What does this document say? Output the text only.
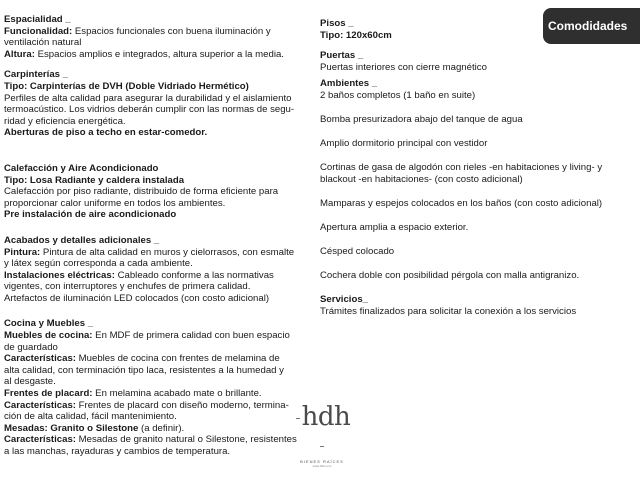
Comodidades

Espacialidad _

Funcionalidad: Espacios funcionales con buena iluminación y

ventilación natural

Altura: Espacios amplios e integrados, altura superior a la media.

Carpinterías _

Tipo: Carpinterías de DVH (Doble Vidriado Hermético)

Perfiles de alta calidad para asegurar la durabilidad y el aislamiento

termoacústico. Los vidrios deberán cumplir con las normas de segu-

ridad y eficiencia energética.

Aberturas de piso a techo en estar-comedor.

Calefacción y Aire Acondicionado

Tipo: Losa Radiante y caldera instalada

Calefacción por piso radiante, distribuido de forma eficiente para

proporcionar calor uniforme en todos los ambientes.

Pre instalación de aire acondicionado

Acabados y detalles adicionales _

Pintura: Pintura de alta calidad en muros y cielorrasos, con esmalte

y látex según corresponda a cada ambiente.

Instalaciones eléctricas: Cableado conforme a las normativas

vigentes, con interruptores y enchufes de primera calidad.

Artefactos de iluminación LED colocados (con costo adicional)

Cocina y Muebles _

Muebles de cocina: En MDF de primera calidad con buen espacio

de guardado

Características: Muebles de cocina con frentes de melamina de

alta calidad, con terminación tipo laca, resistentes a la humedad y

al desgaste.

Frentes de placard: En melamina acabado mate o brillante.

Características: Frentes de placard con diseño moderno, termina-

ción de alta calidad, fácil mantenimiento.

Mesadas: Granito o Silestone (a definir).

Características: Mesadas de granito natural o Silestone, resistentes

a las manchas, rayaduras y cambios de temperatura.

Pisos _

Tipo: 120x60cm

Puertas _

Puertas interiores con cierre magnético

Ambientes _

2 baños completos (1 baño en suite)

Bomba presurizadora abajo del tanque de agua

Amplio dormitorio principal con vestidor

Cortinas de gasa de algodón con rieles -en habitaciones y living- y

blackout -en habitaciones- (con costo adicional)

Mamparas y espejos colocados en los baños (con costo adicional)

Apertura amplia a espacio exterior.

Césped colocado

Cochera doble con posibilidad pérgola con malla antigranizo.

Servicios_

Trámites finalizados para solicitar la conexión a los servicios

hdh
BIENES RAÍCES
www.hdh.com
